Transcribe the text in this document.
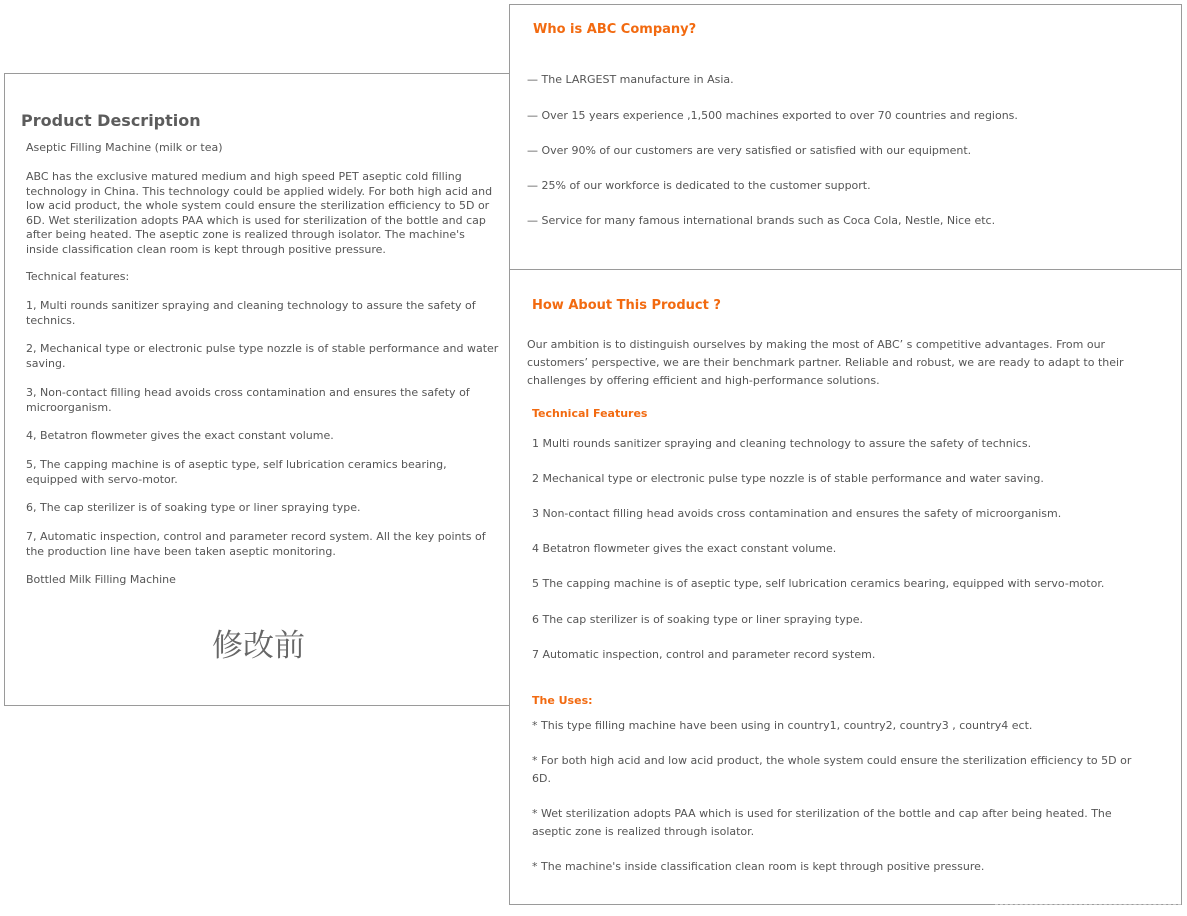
Product Description
Aseptic Filling Machine (milk or tea)
ABC has the exclusive matured medium and high speed PET aseptic cold filling technology in China. This technology could be applied widely. For both high acid and low acid product, the whole system could ensure the sterilization efficiency to 5D or 6D. Wet sterilization adopts PAA which is used for sterilization of the bottle and cap after being heated. The aseptic zone is realized through isolator. The machine's inside classification clean room is kept through positive pressure.
Technical features:
1, Multi rounds sanitizer spraying and cleaning technology to assure the safety of technics.
2, Mechanical type or electronic pulse type nozzle is of stable performance and water saving.
3, Non-contact filling head avoids cross contamination and ensures the safety of microorganism.
4, Betatron flowmeter gives the exact constant volume.
5, The capping machine is of aseptic type, self lubrication ceramics bearing, equipped with servo-motor.
6, The cap sterilizer is of soaking type or liner spraying type.
7, Automatic inspection, control and parameter record system. All the key points of the production line have been taken aseptic monitoring.
Bottled Milk Filling Machine
修改前
Who is ABC Company?
— The LARGEST manufacture in Asia.
— Over 15 years experience ,1,500 machines exported to over 70 countries and regions.
— Over 90% of our customers are very satisfied or satisfied with our equipment.
— 25% of our workforce is dedicated to the customer support.
— Service for many famous international brands such as Coca Cola, Nestle, Nice etc.
How About This Product ?
Our ambition is to distinguish ourselves by making the most of ABC’ s competitive advantages. From our customers’ perspective, we are their benchmark partner. Reliable and robust, we are ready to adapt to their challenges by offering efficient and high-performance solutions.
Technical Features
1 Multi rounds sanitizer spraying and cleaning technology to assure the safety of technics.
2 Mechanical type or electronic pulse type nozzle is of stable performance and water saving.
3 Non-contact filling head avoids cross contamination and ensures the safety of microorganism.
4 Betatron flowmeter gives the exact constant volume.
5 The capping machine is of aseptic type, self lubrication ceramics bearing, equipped with servo-motor.
6 The cap sterilizer is of soaking type or liner spraying type.
7 Automatic inspection, control and parameter record system.
The Uses:
* This type filling machine have been using in country1, country2, country3 , country4 ect.
* For both high acid and low acid product, the whole system could ensure the sterilization efficiency to 5D or 6D.
* Wet sterilization adopts PAA which is used for sterilization of the bottle and cap after being heated. The aseptic zone is realized through isolator.
* The machine's inside classification clean room is kept through positive pressure.
